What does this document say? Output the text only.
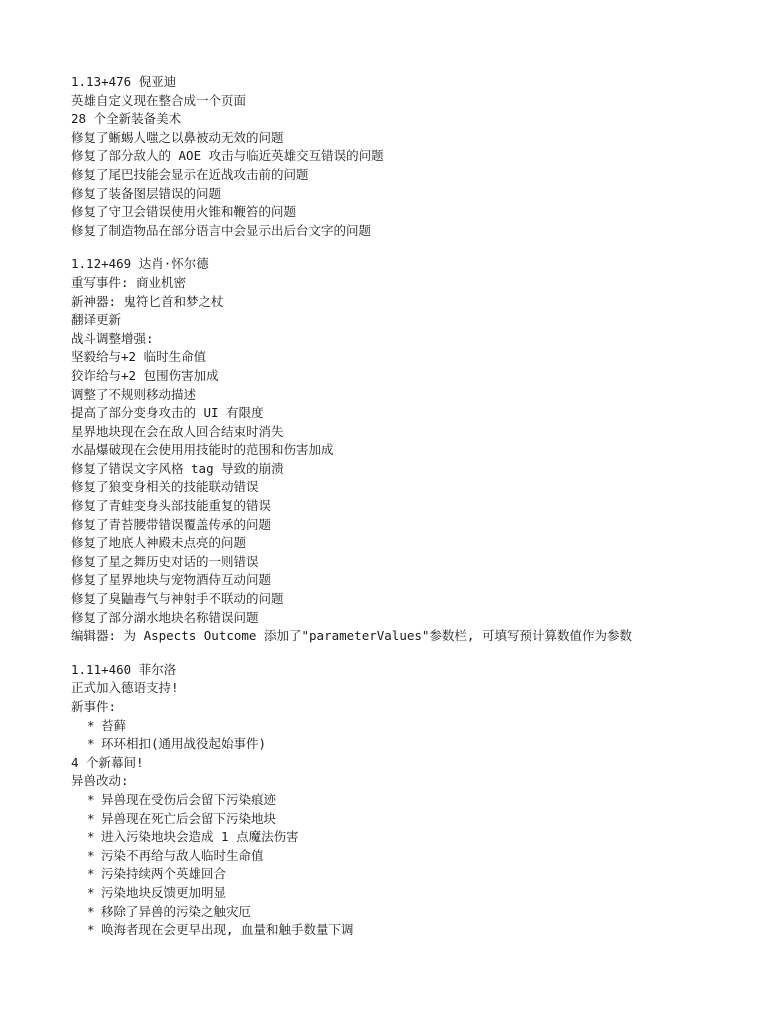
1.13+476 倪亚迪
英雄自定义现在整合成一个页面
28 个全新装备美术
修复了蜥蜴人嗤之以鼻被动无效的问题
修复了部分敌人的 AOE 攻击与临近英雄交互错误的问题
修复了尾巴技能会显示在近战攻击前的问题
修复了装备图层错误的问题
修复了守卫会错误使用火锥和鞭笞的问题
修复了制造物品在部分语言中会显示出后台文字的问题
1.12+469 达肖·怀尔德
重写事件: 商业机密
新神器: 鬼符匕首和梦之杖
翻译更新
战斗调整增强:
坚毅给与+2 临时生命值
狡诈给与+2 包围伤害加成
调整了不规则移动描述
提高了部分变身攻击的 UI 有限度
星界地块现在会在敌人回合结束时消失
水晶爆破现在会使用用技能时的范围和伤害加成
修复了错误文字风格 tag 导致的崩溃
修复了狼变身相关的技能联动错误
修复了青蛙变身头部技能重复的错误
修复了青苔腰带错误覆盖传承的问题
修复了地底人神殿未点亮的问题
修复了星之舞历史对话的一则错误
修复了星界地块与宠物酒侍互动问题
修复了臭鼬毒气与神射手不联动的问题
修复了部分湖水地块名称错误问题
编辑器: 为 Aspects Outcome 添加了"parameterValues"参数栏, 可填写预计算数值作为参数
1.11+460 菲尔洛
正式加入德语支持!
新事件:
* 苔藓
* 环环相扣(通用战役起始事件)
4 个新幕间!
异兽改动:
* 异兽现在受伤后会留下污染痕迹
* 异兽现在死亡后会留下污染地块
* 进入污染地块会造成 1 点魔法伤害
* 污染不再给与敌人临时生命值
* 污染持续两个英雄回合
* 污染地块反馈更加明显
* 移除了异兽的污染之触灾厄
* 唤海者现在会更早出现, 血量和触手数量下调
